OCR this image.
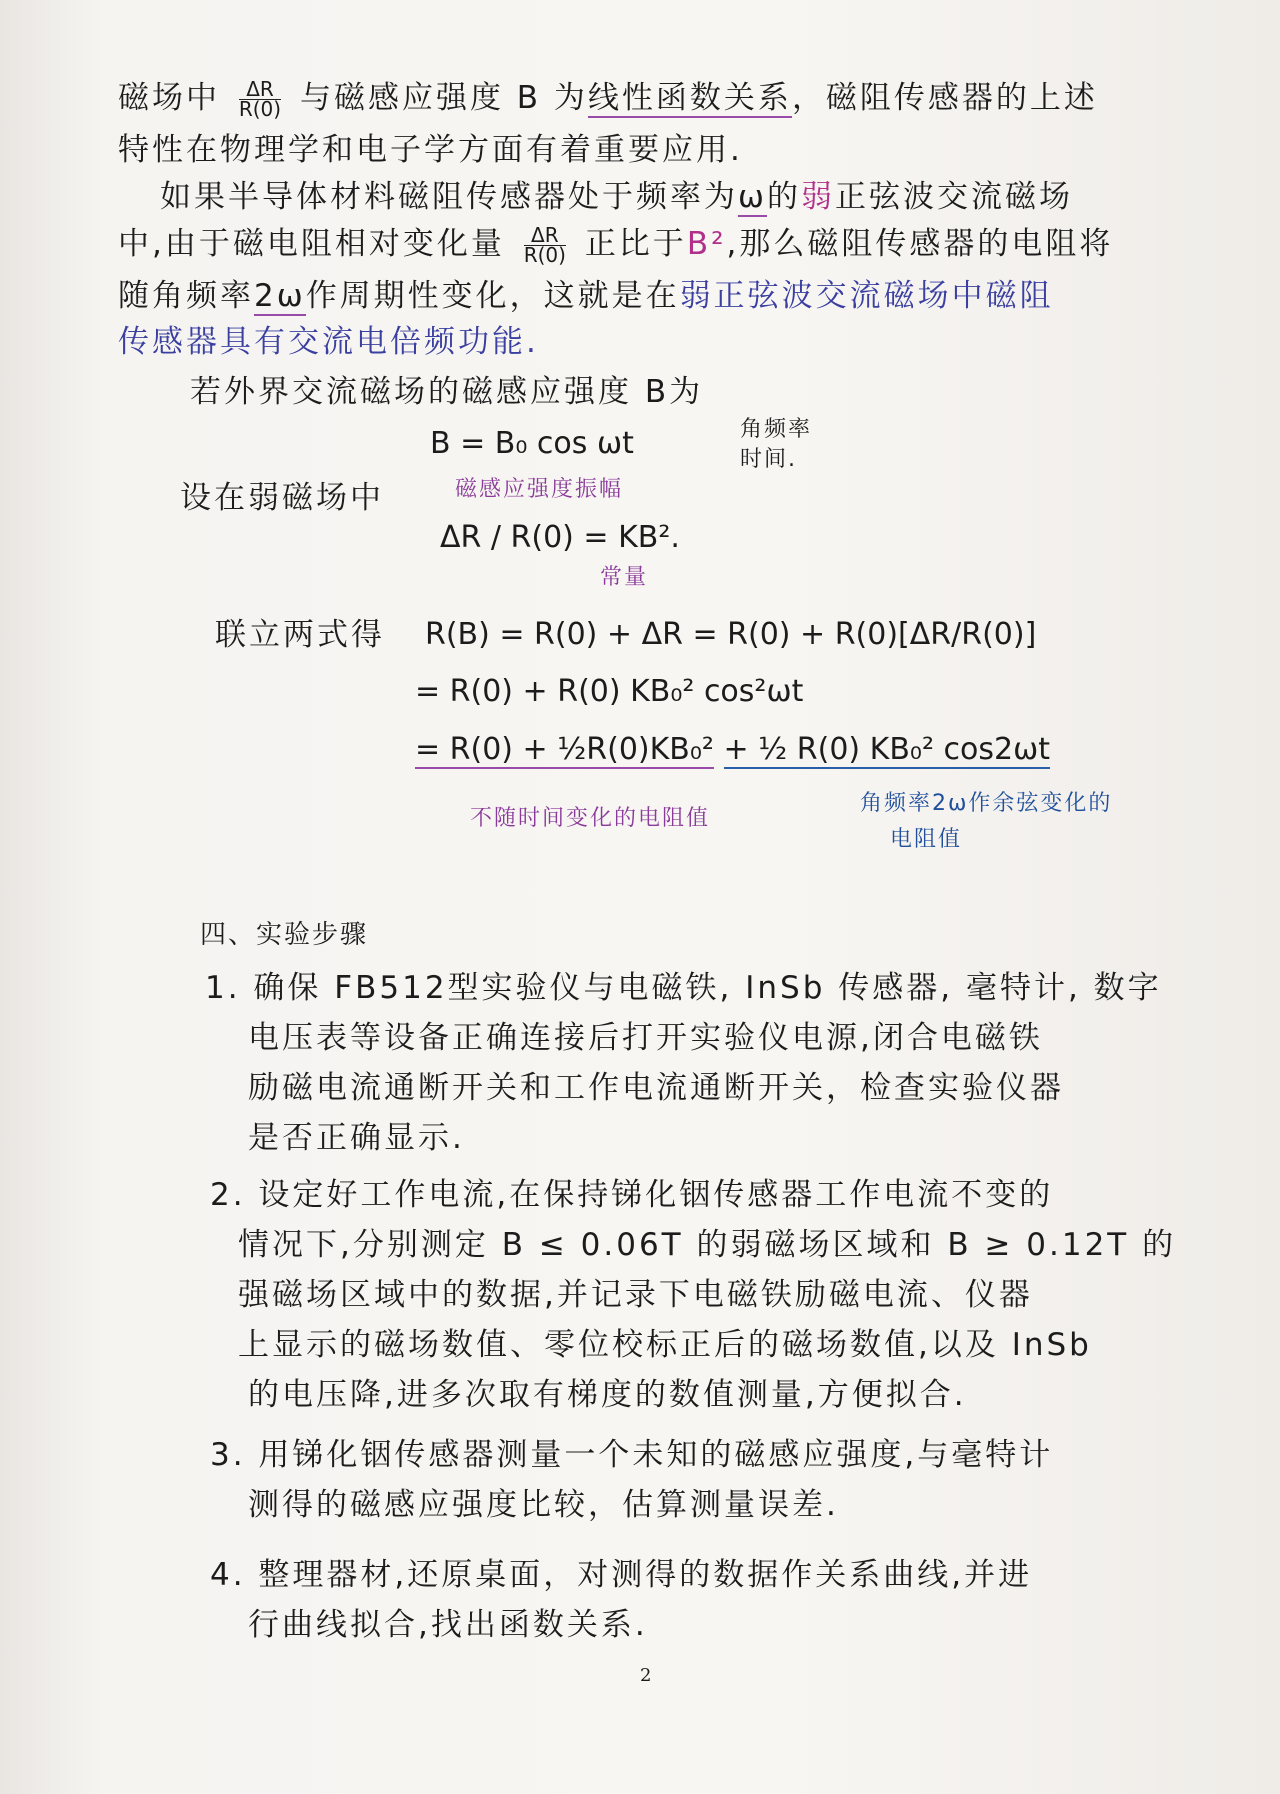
磁场中 $\frac{\Delta R}{R(0)}$ 与磁感应强度 B 为线性函数关系，磁阻传感器的上述
特性在物理学和电子学方面有着重要应用.
如果半导体材料磁阻传感器处于频率为ω的弱正弦波交流磁场
中,由于磁电阻相对变化量 $\frac{\Delta R}{R(0)}$ 正比于B²,那么磁阻传感器的电阻将
随角频率2ω作周期性变化，这就是在弱正弦波交流磁场中磁阻
传感器具有交流电倍频功能.
若外界交流磁场的磁感应强度 B为
B = B₀ cos ωt	角频率
时间.
设在弱磁场中	磁感应强度振幅
ΔR / R(0) = KB².
常量
联立两式得 R(B) = R(0) + ΔR = R(0) + R(0)[ΔR/R(0)]
= R(0) + R(0) KB₀² cos²ωt
= R(0) + ½R(0)KB₀² + ½ R(0) KB₀² cos2ωt
不随时间变化的电阻值
角频率2ω作余弦变化的
电阻值
四、实验步骤
1. 确保 FB512型实验仪与电磁铁, InSb 传感器, 毫特计, 数字
电压表等设备正确连接后打开实验仪电源,闭合电磁铁
励磁电流通断开关和工作电流通断开关，检查实验仪器
是否正确显示.
2. 设定好工作电流,在保持锑化铟传感器工作电流不变的
情况下,分别测定 B ≤ 0.06T 的弱磁场区域和 B ≥ 0.12T 的
强磁场区域中的数据,并记录下电磁铁励磁电流、仪器
上显示的磁场数值、零位校标正后的磁场数值,以及 InSb
的电压降,进多次取有梯度的数值测量,方便拟合.
3. 用锑化铟传感器测量一个未知的磁感应强度,与毫特计
测得的磁感应强度比较，估算测量误差.
4. 整理器材,还原桌面，对测得的数据作关系曲线,并进
行曲线拟合,找出函数关系.
2
